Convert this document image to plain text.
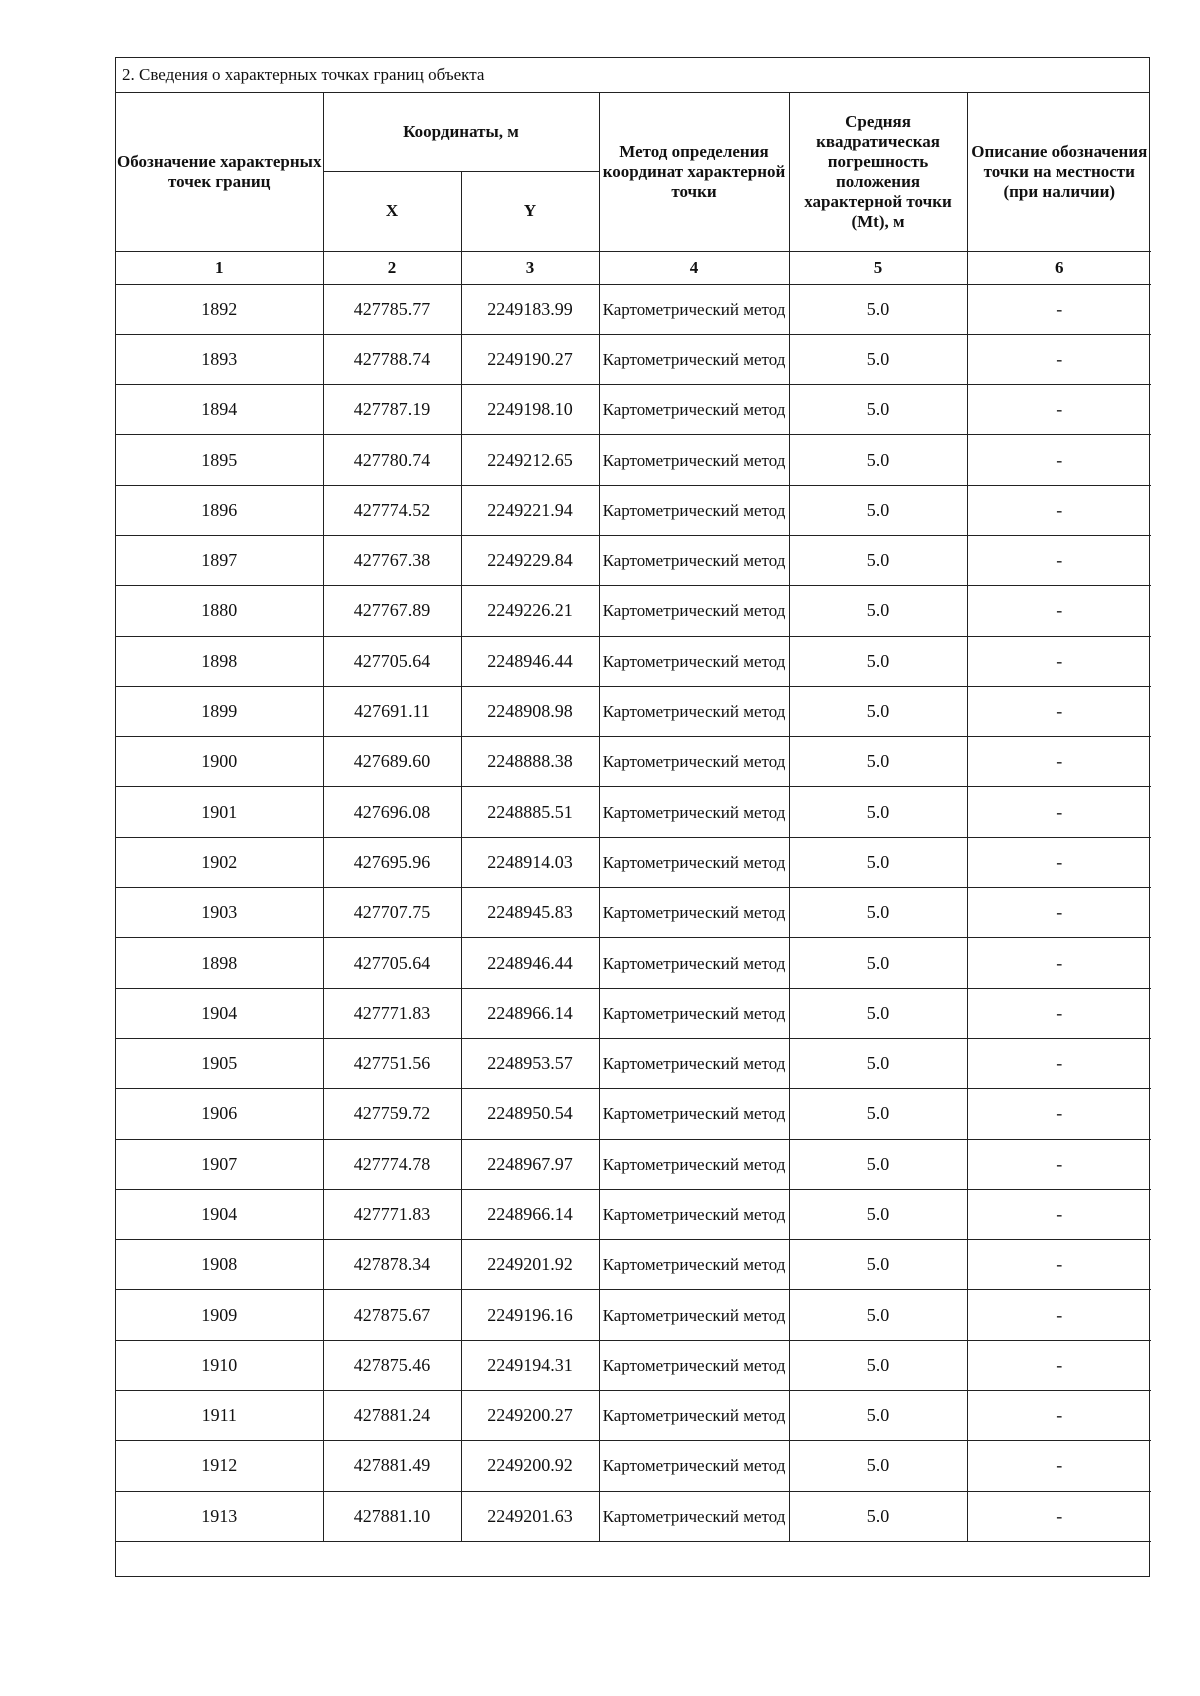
2. Сведения о характерных точках границ объекта
Обозначение характерных точек границ	Координаты, м		Метод определения координат характерной точки	Средняя квадратическая погрешность положения характерной точки (Mt), м	Описание обозначения точки на местности (при наличии)
	X	Y			
1	2	3	4	5	6
1892	427785.77	2249183.99	Картометрический метод	5.0	-
1893	427788.74	2249190.27	Картометрический метод	5.0	-
1894	427787.19	2249198.10	Картометрический метод	5.0	-
1895	427780.74	2249212.65	Картометрический метод	5.0	-
1896	427774.52	2249221.94	Картометрический метод	5.0	-
1897	427767.38	2249229.84	Картометрический метод	5.0	-
1880	427767.89	2249226.21	Картометрический метод	5.0	-
1898	427705.64	2248946.44	Картометрический метод	5.0	-
1899	427691.11	2248908.98	Картометрический метод	5.0	-
1900	427689.60	2248888.38	Картометрический метод	5.0	-
1901	427696.08	2248885.51	Картометрический метод	5.0	-
1902	427695.96	2248914.03	Картометрический метод	5.0	-
1903	427707.75	2248945.83	Картометрический метод	5.0	-
1898	427705.64	2248946.44	Картометрический метод	5.0	-
1904	427771.83	2248966.14	Картометрический метод	5.0	-
1905	427751.56	2248953.57	Картометрический метод	5.0	-
1906	427759.72	2248950.54	Картометрический метод	5.0	-
1907	427774.78	2248967.97	Картометрический метод	5.0	-
1904	427771.83	2248966.14	Картометрический метод	5.0	-
1908	427878.34	2249201.92	Картометрический метод	5.0	-
1909	427875.67	2249196.16	Картометрический метод	5.0	-
1910	427875.46	2249194.31	Картометрический метод	5.0	-
1911	427881.24	2249200.27	Картометрический метод	5.0	-
1912	427881.49	2249200.92	Картометрический метод	5.0	-
1913	427881.10	2249201.63	Картометрический метод	5.0	-
